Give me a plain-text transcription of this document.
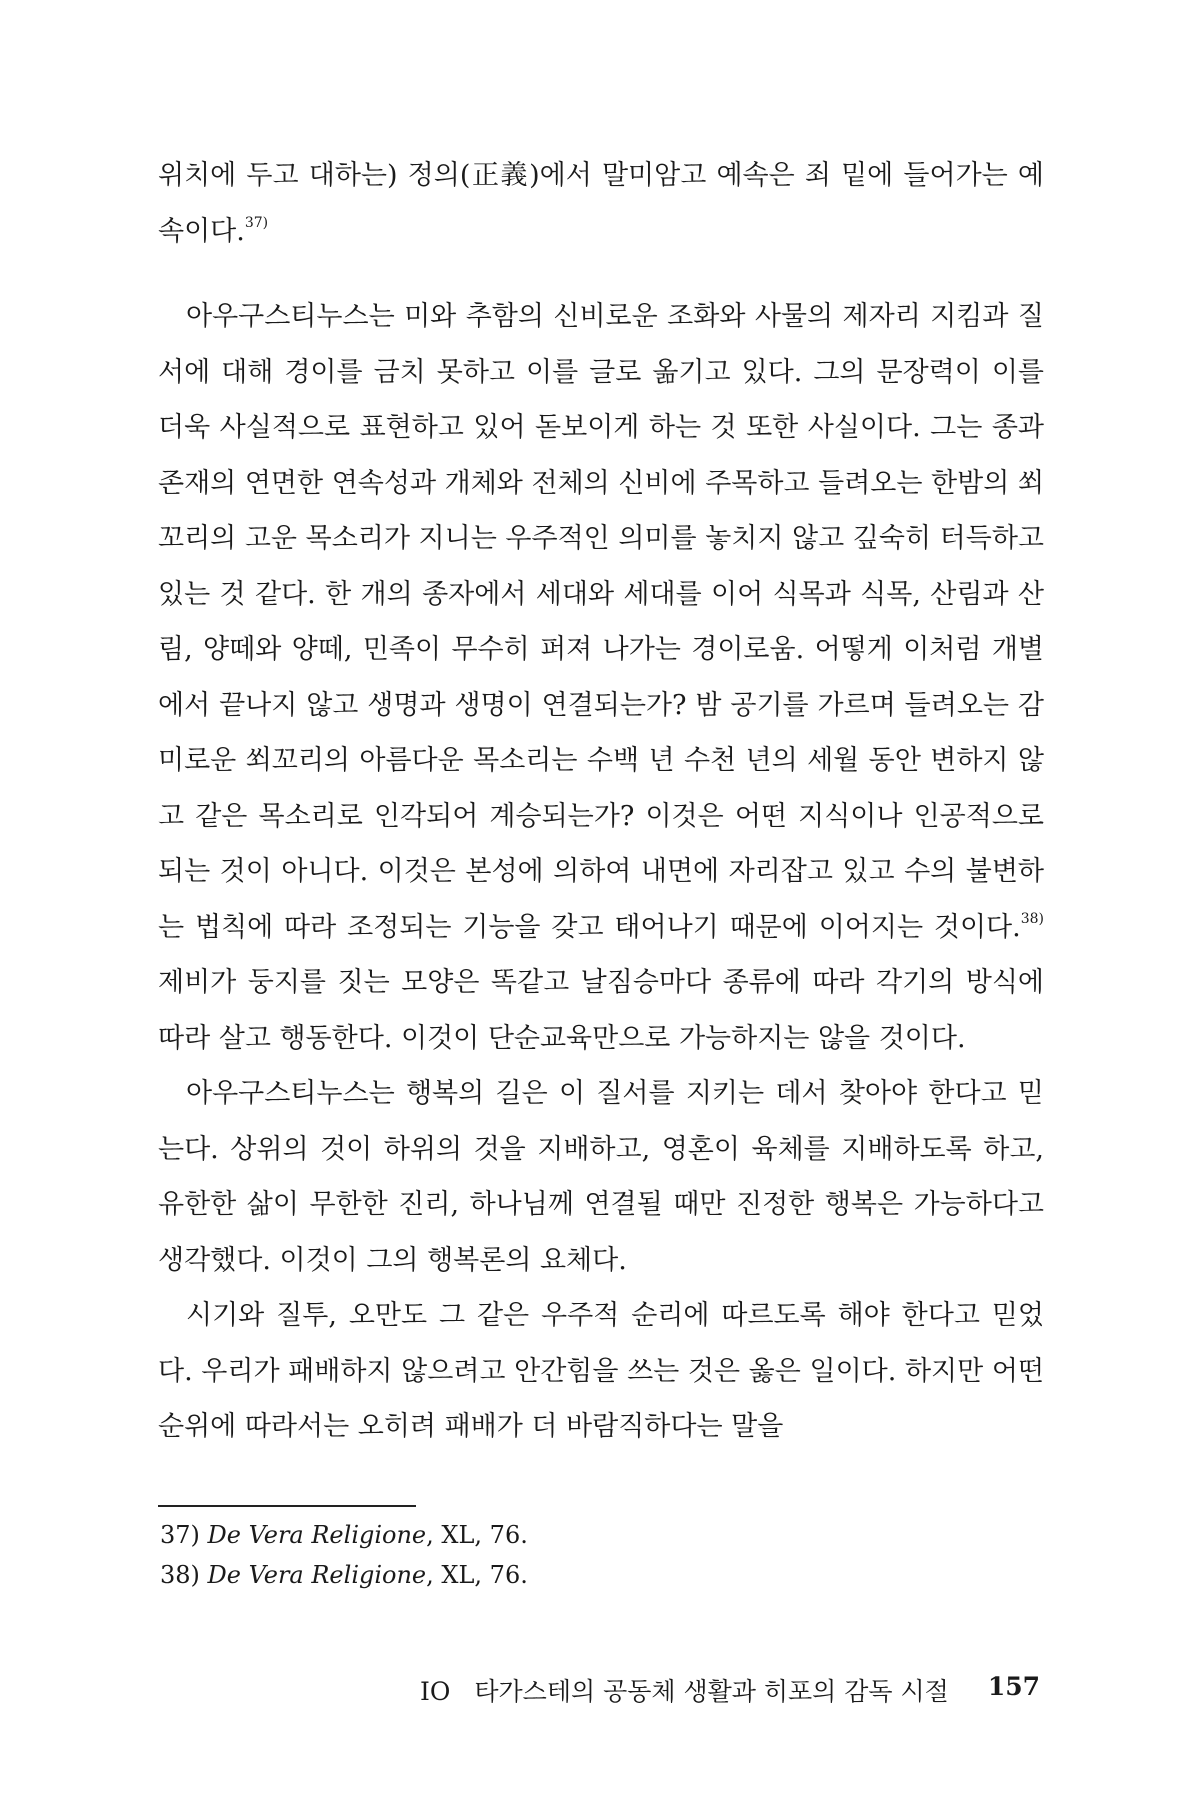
위치에 두고 대하는) 정의(正義)에서 말미암고 예속은 죄 밑에 들어가는 예속이다.$^{37)}$

아우구스티누스는 미와 추함의 신비로운 조화와 사물의 제자리 지킴과 질서에 대해 경이를 금치 못하고 이를 글로 옮기고 있다. 그의 문장력이 이를 더욱 사실적으로 표현하고 있어 돋보이게 하는 것 또한 사실이다. 그는 종과 존재의 연면한 연속성과 개체와 전체의 신비에 주목하고 들려오는 한밤의 쐬꼬리의 고운 목소리가 지니는 우주적인 의미를 놓치지 않고 깊숙히 터득하고 있는 것 같다. 한 개의 종자에서 세대와 세대를 이어 식목과 식목, 산림과 산림, 양떼와 양떼, 민족이 무수히 퍼져 나가는 경이로움. 어떻게 이처럼 개별에서 끝나지 않고 생명과 생명이 연결되는가? 밤 공기를 가르며 들려오는 감미로운 쐬꼬리의 아름다운 목소리는 수백 년 수천 년의 세월 동안 변하지 않고 같은 목소리로 인각되어 계승되는가? 이것은 어떤 지식이나 인공적으로 되는 것이 아니다. 이것은 본성에 의하여 내면에 자리잡고 있고 수의 불변하는 법칙에 따라 조정되는 기능을 갖고 태어나기 때문에 이어지는 것이다.$^{38)}$ 제비가 둥지를 짓는 모양은 똑같고 날짐승마다 종류에 따라 각기의 방식에 따라 살고 행동한다. 이것이 단순교육만으로 가능하지는 않을 것이다.

아우구스티누스는 행복의 길은 이 질서를 지키는 데서 찾아야 한다고 믿는다. 상위의 것이 하위의 것을 지배하고, 영혼이 육체를 지배하도록 하고, 유한한 삶이 무한한 진리, 하나님께 연결될 때만 진정한 행복은 가능하다고 생각했다. 이것이 그의 행복론의 요체다.

시기와 질투, 오만도 그 같은 우주적 순리에 따르도록 해야 한다고 믿었다. 우리가 패배하지 않으려고 안간힘을 쓰는 것은 옳은 일이다. 하지만 어떤 순위에 따라서는 오히려 패배가 더 바람직하다는 말을

37) De Vera Religione, XL, 76.
38) De Vera Religione, XL, 76.
IO 타가스테의 공동체 생활과 히포의 감독 시절 157
